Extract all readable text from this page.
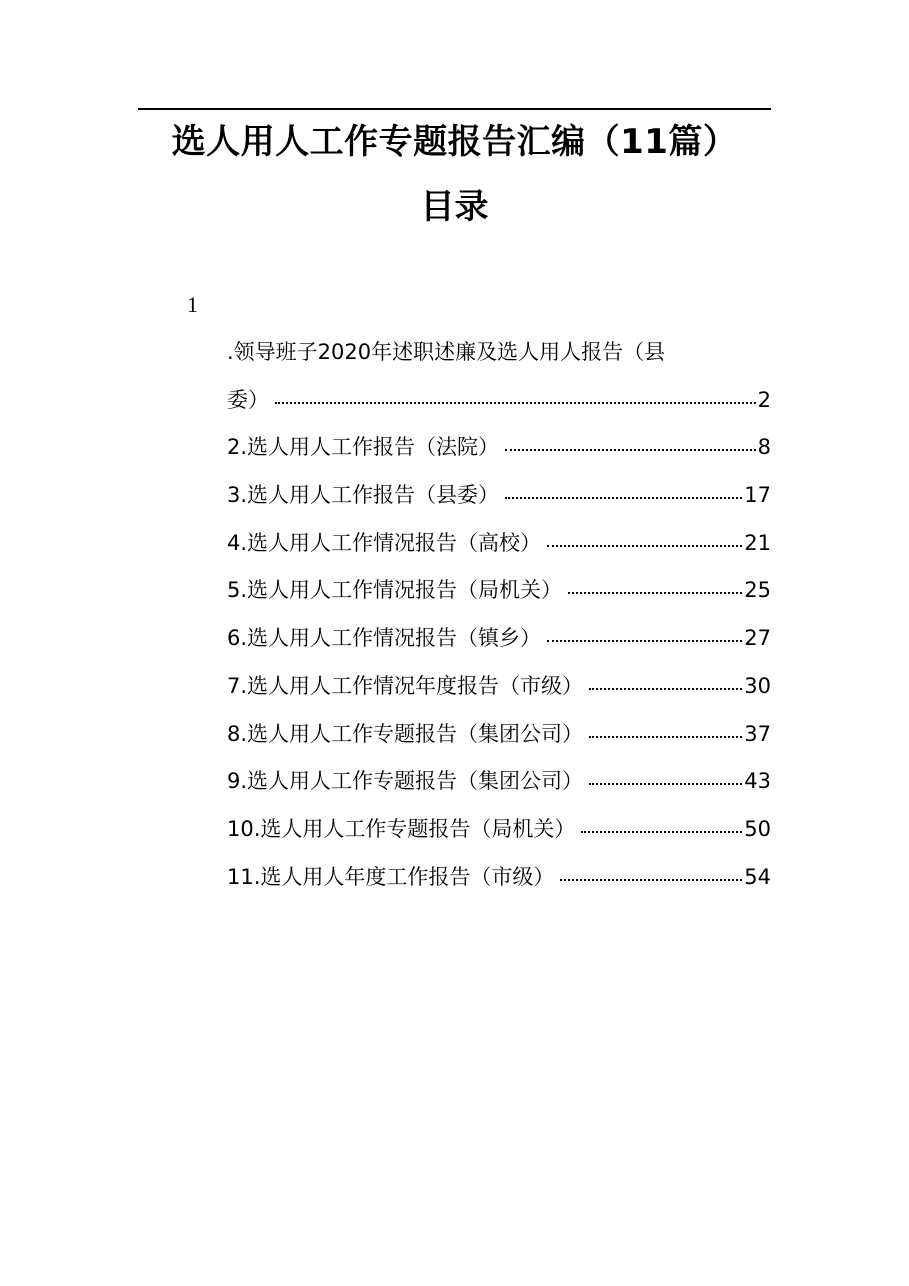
选人用人工作专题报告汇编（11篇）
目录
1
.领导班子2020年述职述廉及选人用人报告（县
委）	2
2.选人用人工作报告（法院）	8
3.选人用人工作报告（县委）	17
4.选人用人工作情况报告（高校）	21
5.选人用人工作情况报告（局机关）	25
6.选人用人工作情况报告（镇乡）	27
7.选人用人工作情况年度报告（市级）	30
8.选人用人工作专题报告（集团公司）	37
9.选人用人工作专题报告（集团公司）	43
10.选人用人工作专题报告（局机关）	50
11.选人用人年度工作报告（市级）	54
